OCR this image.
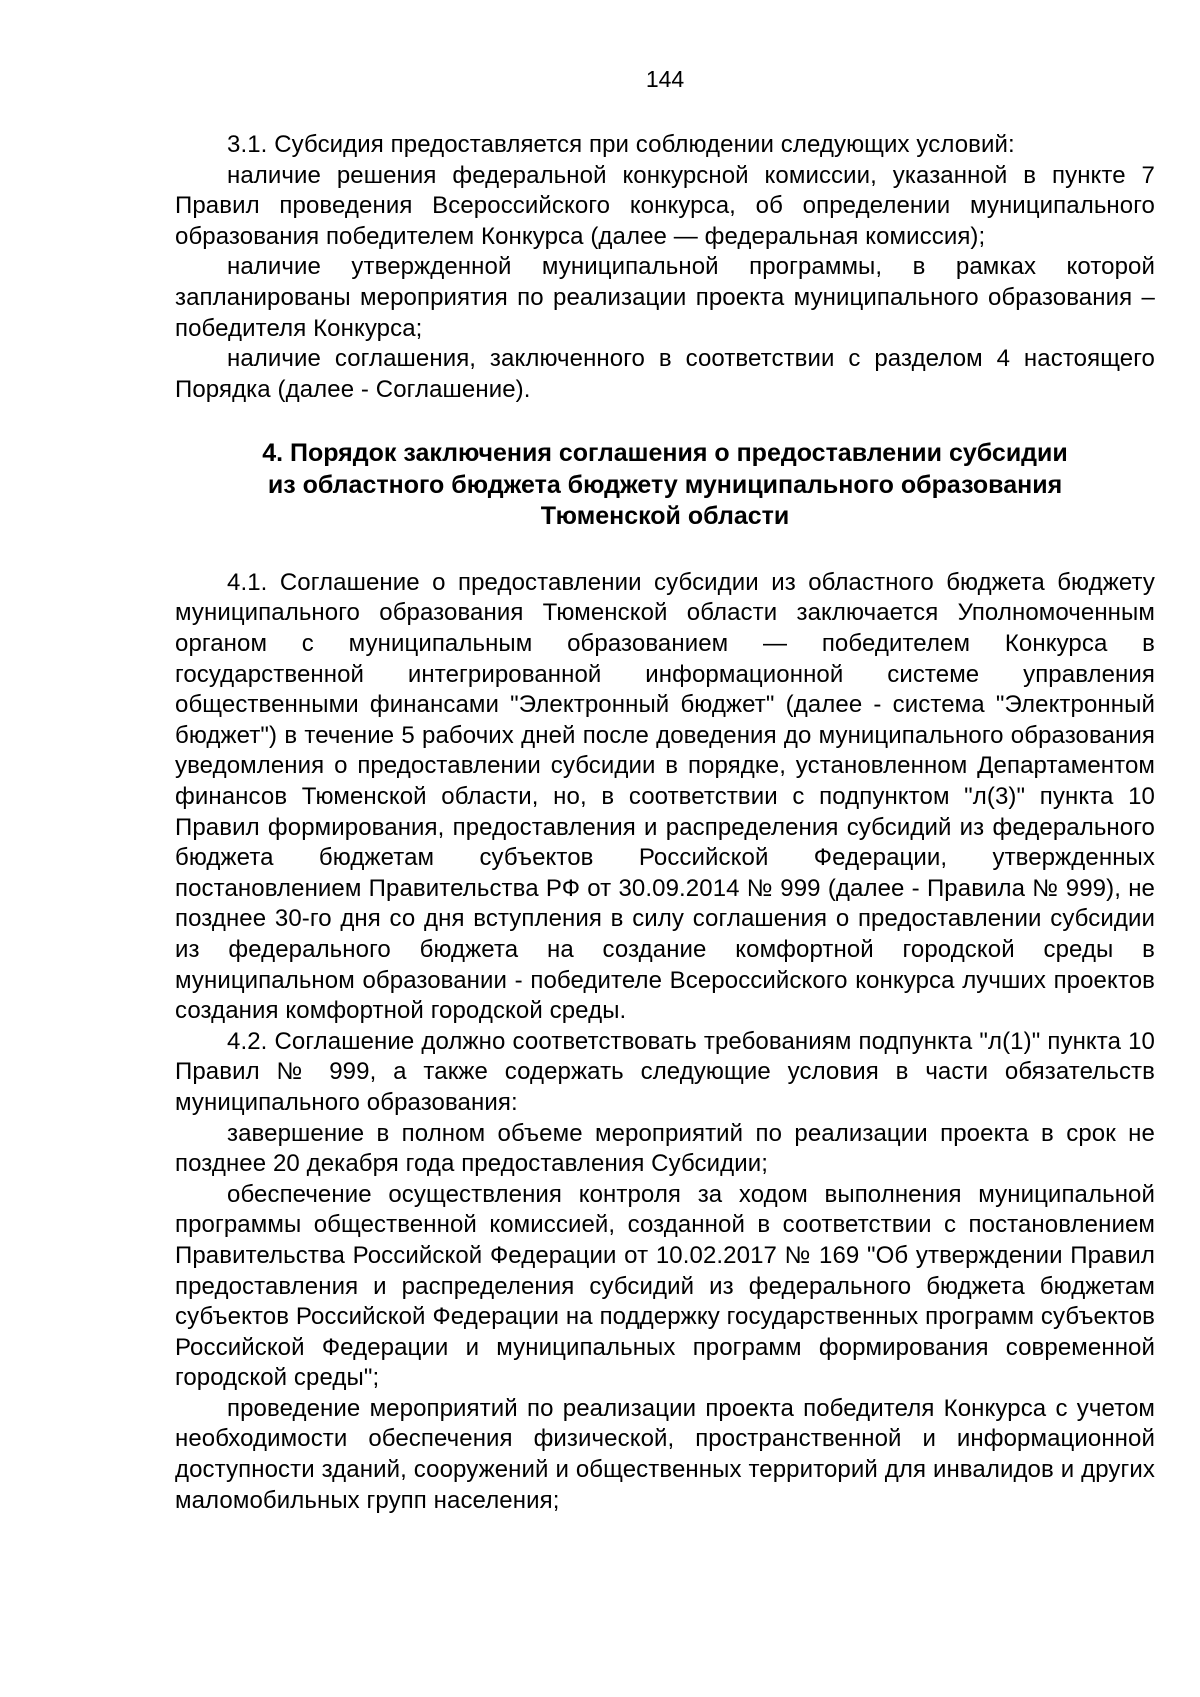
144

3.1. Субсидия предоставляется при соблюдении следующих условий:

наличие решения федеральной конкурсной комиссии, указанной в пункте 7 Правил проведения Всероссийского конкурса, об определении муниципального образования победителем Конкурса (далее — федеральная комиссия);

наличие утвержденной муниципальной программы, в рамках которой запланированы мероприятия по реализации проекта муниципального образования – победителя Конкурса;

наличие соглашения, заключенного в соответствии с разделом 4 настоящего Порядка (далее - Соглашение).

4. Порядок заключения соглашения о предоставлении субсидии
из областного бюджета бюджету муниципального образования
Тюменской области

4.1. Соглашение о предоставлении субсидии из областного бюджета бюджету муниципального образования Тюменской области заключается Уполномоченным органом с муниципальным образованием — победителем Конкурса в государственной интегрированной информационной системе управления общественными финансами "Электронный бюджет" (далее - система "Электронный бюджет") в течение 5 рабочих дней после доведения до муниципального образования уведомления о предоставлении субсидии в порядке, установленном Департаментом финансов Тюменской области, но, в соответствии с подпунктом "л(3)" пункта 10 Правил формирования, предоставления и распределения субсидий из федерального бюджета бюджетам субъектов Российской Федерации, утвержденных постановлением Правительства РФ от 30.09.2014 № 999 (далее - Правила № 999), не позднее 30-го дня со дня вступления в силу соглашения о предоставлении субсидии из федерального бюджета на создание комфортной городской среды в муниципальном образовании - победителе Всероссийского конкурса лучших проектов создания комфортной городской среды.

4.2. Соглашение должно соответствовать требованиям подпункта "л(1)" пункта 10 Правил № 999, а также содержать следующие условия в части обязательств муниципального образования:

завершение в полном объеме мероприятий по реализации проекта в срок не позднее 20 декабря года предоставления Субсидии;

обеспечение осуществления контроля за ходом выполнения муниципальной программы общественной комиссией, созданной в соответствии с постановлением Правительства Российской Федерации от 10.02.2017 № 169 "Об утверждении Правил предоставления и распределения субсидий из федерального бюджета бюджетам субъектов Российской Федерации на поддержку государственных программ субъектов Российской Федерации и муниципальных программ формирования современной городской среды";

проведение мероприятий по реализации проекта победителя Конкурса с учетом необходимости обеспечения физической, пространственной и информационной доступности зданий, сооружений и общественных территорий для инвалидов и других маломобильных групп населения;
